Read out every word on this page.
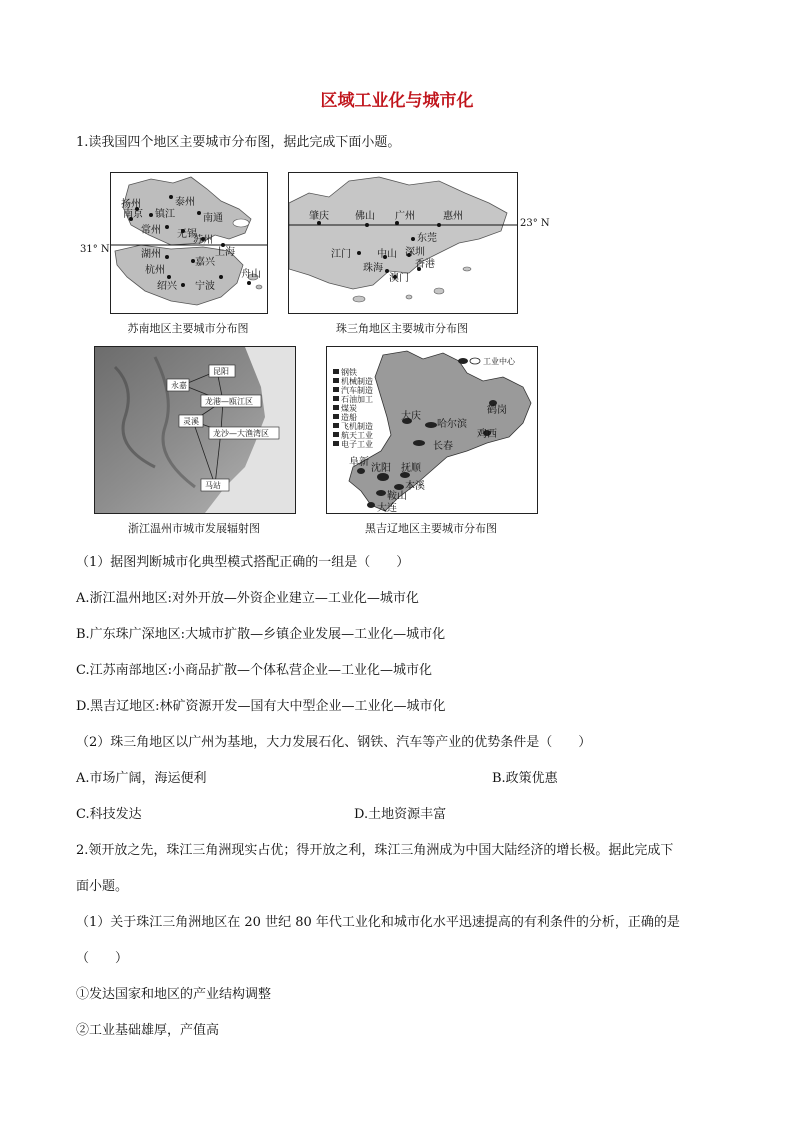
区域工业化与城市化
1.读我国四个地区主要城市分布图，据此完成下面小题。
扬州	泰州
南京 镇江	南通
常州 无锡
苏州
上海
湖州
嘉兴
杭州
绍兴 宁波
舟山
31° N
苏南地区主要城市分布图
肇庆	佛山 广州	惠州
东莞
江门	中山 深圳
珠海	香港
澳门
23° N
珠三角地区主要城市分布图
永嘉
昆阳
龙港—瓯江区
灵溪
龙沙—大渔湾区
马站
浙江温州市城市发展辐射图
工业中心
钢铁
机械制造
汽车制造
石油加工
煤炭
造船
飞机制造
航天工业
电子工业
大庆
哈尔滨
鹤岗
鸡西
长春
阜新
沈阳 抚顺
本溪
鞍山
大连
黑吉辽地区主要城市分布图
（1）据图判断城市化典型模式搭配正确的一组是（　　）
A.浙江温州地区:对外开放—外资企业建立—工业化—城市化
B.广东珠广深地区:大城市扩散—乡镇企业发展—工业化—城市化
C.江苏南部地区:小商品扩散—个体私营企业—工业化—城市化
D.黑吉辽地区:林矿资源开发—国有大中型企业—工业化—城市化
（2）珠三角地区以广州为基地，大力发展石化、钢铁、汽车等产业的优势条件是（　　）
A.市场广阔，海运便利	B.政策优惠
C.科技发达	D.土地资源丰富
2.领开放之先，珠江三角洲现实占优；得开放之利，珠江三角洲成为中国大陆经济的增长极。据此完成下
面小题。
（1）关于珠江三角洲地区在 20 世纪 80 年代工业化和城市化水平迅速提高的有利条件的分析，正确的是
（　　）
①发达国家和地区的产业结构调整
②工业基础雄厚，产值高
